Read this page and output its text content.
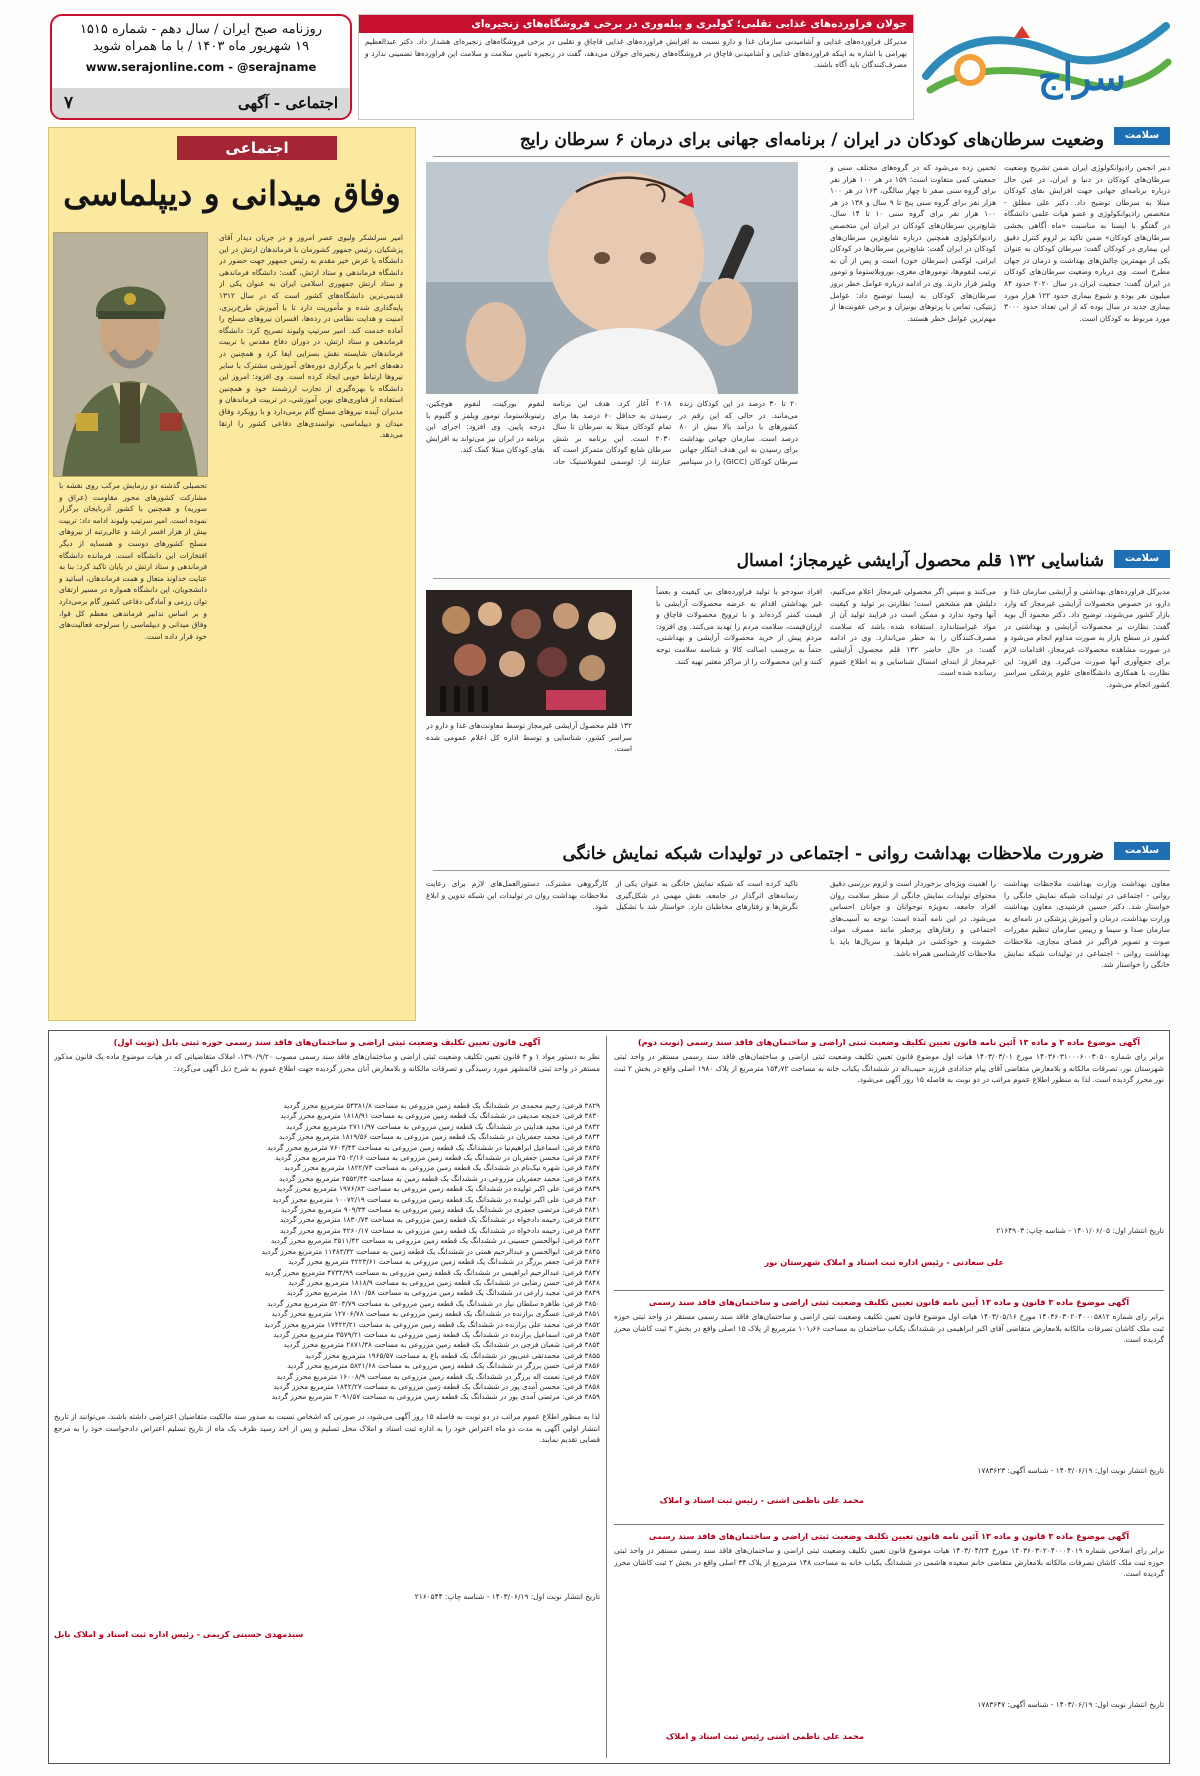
سراج
جولان فراورده‌های غذایی تقلبی؛ کولبری و پیلەوری در برخی فروشگاه‌های زنجیره‌ای
مدیرکل فراورده‌های غذایی و آشامیدنی سازمان غذا و دارو نسبت به افزایش فراورده‌های غذایی قاچاق و تقلبی در برخی فروشگاه‌های زنجیره‌ای هشدار داد. دکتر عبدالعظیم بهرامی با اشاره به اینکه فراورده‌های غذایی و آشامیدنی قاچاق در فروشگاه‌های زنجیره‌ای جولان می‌دهد، گفت در زنجیره تامین سلامت و سلامت این فراورده‌ها تضمینی ندارد و مصرف‌کنندگان باید آگاه باشند.
روزنامه صبح ایران / سال دهم - شماره ۱۵۱۵
۱۹ شهریور ماه ۱۴۰۳ / با ما همراه شوید
www.serajonline.com - @serajname
اجتماعی - آگهی
۷
اجتماعی
وفاق میدانی و دیپلماسی
امیر سرلشکر ولیوی عصر امروز و در جریان دیدار آقای پزشکیان، رئیس جمهور کشورمان با فرماندهان ارتش در این دانشگاه با عرض خیر مقدم به رئیس جمهور جهت حضور در دانشگاه فرماندهی و ستاد ارتش، گفت: دانشگاه فرماندهی و ستاد ارتش جمهوری اسلامی ایران به عنوان یکی از قدیمی‌ترین دانشگاه‌های کشور است که در سال ۱۳۱۲ پایه‌گذاری شده و مأموریت دارد تا با آموزش طرح‌ریزی، امنیت و هدایت نظامی در رده‌ها، افسران نیروهای مسلح را آماده خدمت کند. امیر سرتیپ ولیوند تصریح کرد: دانشگاه فرماندهی و ستاد ارتش، در دوران دفاع مقدس با تربیت فرماندهان شایسته نقش بسزایی ایفا کرد و همچنین در دهه‌های اخیر با برگزاری دوره‌های آموزشی مشترک با سایر نیروها ارتباط خوبی ایجاد کرده است. وی افزود: امروز این دانشگاه با بهره‌گیری از تجارب ارزشمند خود و همچنین استفاده از فناوری‌های نوین آموزشی، در تربیت فرماندهان و مدیران آینده نیروهای مسلح گام برمی‌دارد و با رویکرد وفاق میدان و دیپلماسی، توانمندی‌های دفاعی کشور را ارتقا می‌دهد.
تحصیلی گذشته دو رزمایش مرکب روی نقشه با مشارکت کشورهای محور مقاومت (عراق و سوریه) و همچنین با کشور آذربایجان برگزار نموده است. امیر سرتیپ ولیوند ادامه داد: تربیت بیش از هزار افسر ارشد و عالی‌رتبه از نیروهای مسلح کشورهای دوست و همسایه از دیگر افتخارات این دانشگاه است. فرمانده دانشگاه فرماندهی و ستاد ارتش در پایان تاکید کرد: بنا به عنایت خداوند متعال و همت فرماندهان، اساتید و دانشجویان، این دانشگاه همواره در مسیر ارتقای توان رزمی و آمادگی دفاعی کشور گام برمی‌دارد و بر اساس تدابیر فرماندهی معظم کل قوا، وفاق میدانی و دیپلماسی را سرلوحه فعالیت‌های خود قرار داده است.
سلامت
وضعیت سرطان‌های کودکان در ایران / برنامه‌ای جهانی برای درمان ۶ سرطان رایج
دبیر انجمن رادیوانکولوژی ایران ضمن تشریح وضعیت سرطان‌های کودکان در دنیا و ایران، در عین حال درباره برنامه‌ای جهانی جهت افزایش بقای کودکان مبتلا به سرطان توضیح داد. دکتر علی مطلق - متخصص رادیوانکولوژی و عضو هیات علمی دانشگاه در گفتگو با ایسنا به مناسبت «ماه آگاهی بخشی سرطان‌های کودکان» ضمن تاکید بر لزوم کنترل دقیق این بیماری در کودکان گفت: سرطان کودکان به عنوان یکی از مهمترین چالش‌های بهداشت و درمان در جهان مطرح است. وی درباره وضعیت سرطان‌های کودکان در ایران گفت: جمعیت ایران در سال ۲۰۲۰ حدود ۸۴ میلیون نفر بوده و شیوع بیماری حدود ۱۲۲ هزار مورد بیماری جدید در سال بوده که از این تعداد حدود ۳۰۰۰ مورد مربوط به کودکان است.
تخمین زده می‌شود که در گروه‌های مختلف سنی و جمعیتی کمی متفاوت است؛ ۱۵۹ در هر ۱۰۰ هزار نفر برای گروه سنی صفر تا چهار سالگی، ۱۶۳ در هر ۱۰۰ هزار نفر برای گروه سنی پنج تا ۹ سال و ۱۳۸ در هر ۱۰۰ هزار نفر برای گروه سنی ۱۰ تا ۱۴ سال. شایع‌ترین سرطان‌های کودکان در ایران این متخصص رادیوانکولوژی همچنین درباره شایع‌ترین سرطان‌های کودکان در ایران گفت: شایع‌ترین سرطان‌ها در کودکان ایرانی، لوکمی (سرطان خون) است و پس از آن به ترتیب لنفوم‌ها، تومورهای مغزی، نوروبلاستوما و تومور ویلمز قرار دارند. وی در ادامه درباره عوامل خطر بروز سرطان‌های کودکان به ایسنا توضیح داد: عوامل ژنتیکی، تماس با پرتوهای یونیزان و برخی عفونت‌ها از مهم‌ترین عوامل خطر هستند.
۲۰ تا ۳۰ درصد در این کودکان زنده می‌مانند. در حالی که این رقم در کشورهای با درآمد بالا بیش از ۸۰ درصد است. سازمان جهانی بهداشت برای رسیدن به این هدف ابتکار جهانی سرطان کودکان (GICC) را در سپتامبر ۲۰۱۸ آغاز کرد. هدف این برنامه رسیدن به حداقل ۶۰ درصد بقا برای تمام کودکان مبتلا به سرطان تا سال ۲۰۳۰ است. این برنامه بر شش سرطان شایع کودکان متمرکز است که عبارتند از: لوسمی لنفوبلاستیک حاد، لنفوم بورکیت، لنفوم هوچکین، رتینوبلاستوما، تومور ویلمز و گلیوم با درجه پایین. وی افزود: اجرای این برنامه در ایران نیز می‌تواند به افزایش بقای کودکان مبتلا کمک کند.
سلامت
شناسایی ۱۳۲ قلم محصول آرایشی غیرمجاز؛ امسال
مدیرکل فراورده‌های بهداشتی و آرایشی سازمان غذا و دارو، در خصوص محصولات آرایشی غیرمجاز که وارد بازار کشور می‌شوند، توضیح داد. دکتر محمود آل بویه گفت: نظارت بر محصولات آرایشی و بهداشتی در کشور در سطح بازار به صورت مداوم انجام می‌شود و در صورت مشاهده محصولات غیرمجاز، اقدامات لازم برای جمع‌آوری آنها صورت می‌گیرد. وی افزود: این نظارت با همکاری دانشگاه‌های علوم پزشکی سراسر کشور انجام می‌شود.
می‌کنند و سپس اگر محصولی غیرمجاز اعلام می‌کنیم، دلیلش هم مشخص است؛ نظارتی بر تولید و کیفیت آنها وجود ندارد و ممکن است در فرایند تولید آن از مواد غیراستاندارد استفاده شده باشد که سلامت مصرف‌کنندگان را به خطر می‌اندازد. وی در ادامه گفت: در حال حاضر ۱۳۲ قلم محصول آرایشی غیرمجاز از ابتدای امسال شناسایی و به اطلاع عموم رسانده شده است.
افراد سودجو با تولید فراورده‌های بی کیفیت و بعضاً غیر بهداشتی اقدام به عرضه محصولات آرایشی با قیمت کمتر کرده‌اند و با ترویج محصولات قاچاق و ارزان‌قیمت، سلامت مردم را تهدید می‌کنند. وی افزود: مردم پیش از خرید محصولات آرایشی و بهداشتی، حتماً به برچسب اصالت کالا و شناسه سلامت توجه کنند و این محصولات را از مراکز معتبر تهیه کنند.
۱۳۲ قلم محصول آرایشی غیرمجاز توسط معاونت‌های غذا و دارو در سراسر کشور، شناسایی و توسط اداره کل اعلام عمومی شده است.
سلامت
ضرورت ملاحظات بهداشت روانی - اجتماعی در تولیدات شبکه نمایش خانگی
معاون بهداشت وزارت بهداشت ملاحظات بهداشت روانی - اجتماعی در تولیدات شبکه نمایش خانگی را خواستار شد. دکتر حسین فرشیدی، معاون بهداشت وزارت بهداشت، درمان و آموزش پزشکی در نامه‌ای به سازمان صدا و سیما و رییس سازمان تنظیم مقررات صوت و تصویر فراگیر در فضای مجازی، ملاحظات بهداشت روانی - اجتماعی در تولیدات شبکه نمایش خانگی را خواستار شد.
را اهمیت ویژه‌ای برخوردار است و لزوم بررسی دقیق محتوای تولیدات نمایش خانگی از منظر سلامت روان افراد جامعه، به‌ویژه نوجوانان و جوانان احساس می‌شود. در این نامه آمده است: توجه به آسیب‌های اجتماعی و رفتارهای پرخطر مانند مصرف مواد، خشونت و خودکشی در فیلم‌ها و سریال‌ها باید با ملاحظات کارشناسی همراه باشد.
تاکید کرده است که شبکه نمایش خانگی به عنوان یکی از رسانه‌های اثرگذار در جامعه، نقش مهمی در شکل‌گیری نگرش‌ها و رفتارهای مخاطبان دارد. خواستار شد با تشکیل کارگروهی مشترک، دستورالعمل‌های لازم برای رعایت ملاحظات بهداشت روان در تولیدات این شبکه تدوین و ابلاغ شود.
آگهی موضوع ماده ۳ و ماده ۱۳ آئین نامه قانون تعیین تکلیف وضعیت ثبتی اراضی و ساختمان‌های فاقد سند رسمی (نوبت دوم)
برابر رای شماره ۱۴۰۳۶۰۳۱۰۰۰۶۰۰۳۰۵۰ مورخ ۱۴۰۳/۰۳/۰۱ هیات اول موضوع قانون تعیین تکلیف وضعیت ثبتی اراضی و ساختمان‌های فاقد سند رسمی مستقر در واحد ثبتی شهرستان نور، تصرفات مالکانه و بلامعارض متقاضی آقای پیام خدادادی فرزند حبیب‌اله در ششدانگ یکباب خانه به مساحت ۱۵۴٫۷۲ مترمربع از پلاک ۱۹۸۰ اصلی واقع در بخش ۲ ثبت نور محرز گردیده است. لذا به منظور اطلاع عموم مراتب در دو نوبت به فاصله ۱۵ روز آگهی می‌شود.
تاریخ انتشار اول: ۱۴۰۱/۰۶/۰۵ - شناسه چاپ: ۲۱۶۴۹۰۳
علی سعادتی - رئیس اداره ثبت اسناد و املاک شهرستان نور
آگهی موضوع ماده ۳ قانون و ماده ۱۳ آیین نامه قانون تعیین تکلیف وضعیت ثبتی اراضی و ساختمان‌های فاقد سند رسمی
برابر رای شماره ۱۴۰۳۶۰۳۰۲۰۴۰۰۰۵۸۱۲ مورخ ۱۴۰۳/۰۵/۱۶ هیات اول موضوع قانون تعیین تکلیف وضعیت ثبتی اراضی و ساختمان‌های فاقد سند رسمی مستقر در واحد ثبتی حوزه ثبت ملک کاشان تصرفات مالکانه بلامعارض متقاضی آقای اکبر ابراهیمی در ششدانگ یکباب ساختمان به مساحت ۱۰۱٫۶۶ مترمربع از پلاک ۱۵ اصلی واقع در بخش ۳ ثبت کاشان محرز گردیده است.
تاریخ انتشار نوبت اول: ۱۴۰۳/۰۶/۱۹ - شناسه آگهی: ۱۷۸۳۶۲۳
محمد علی ناظمی اشنی - رئیس ثبت اسناد و املاک
آگهی موضوع ماده ۳ قانون و ماده ۱۳ آئین نامه قانون تعیین تکلیف وضعیت ثبتی اراضی و ساختمان‌های فاقد سند رسمی
برابر رای اصلاحی شماره ۱۴۰۳۶۰۳۰۲۰۴۰۰۰۴۰۱۹ مورخ ۱۴۰۳/۰۴/۲۴ هیات موضوع قانون تعیین تکلیف وضعیت ثبتی اراضی و ساختمان‌های فاقد سند رسمی مستقر در واحد ثبتی حوزه ثبت ملک کاشان تصرفات مالکانه بلامعارض متقاضی خانم سعیده هاشمی در ششدانگ یکباب خانه به مساحت ۱۴۸ مترمربع از پلاک ۳۴ اصلی واقع در بخش ۲ ثبت کاشان محرز گردیده است.
تاریخ انتشار نوبت اول: ۱۴۰۳/۰۶/۱۹ - شناسه آگهی: ۱۷۸۳۶۴۷
محمد علی ناظمی اشنی رئیس ثبت اسناد و املاک
آگهی قانون تعیین تکلیف وضعیت ثبتی اراضی و ساختمان‌های فاقد سند رسمی حوزه ثبتی بابل (نوبت اول)
نظر به دستور مواد ۱ و ۳ قانون تعیین تکلیف وضعیت ثبتی اراضی و ساختمان‌های فاقد سند رسمی مصوب ۱۳۹۰/۹/۲۰، املاک متقاضیانی که در هیات موضوع ماده یک قانون مذکور مستقر در واحد ثبتی قائمشهر مورد رسیدگی و تصرفات مالکانه و بلامعارض آنان محرز گردیده جهت اطلاع عموم به شرح ذیل آگهی می‌گردد:
۳۸۲۹ فرعی: رحیم محمدی در ششدانگ یک قطعه زمین مزروعی به مساحت ۵۴۳۸۱/۸ مترمربع محرز گردید
۳۸۳۰ فرعی: خدیجه صدیقی در ششدانگ یک قطعه زمین مزروعی به مساحت ۱۸۱۸/۹۱ مترمربع محرز گردید
۳۸۳۲ فرعی: مجید هدایتی در ششدانگ یک قطعه زمین مزروعی به مساحت ۲۷۱۱/۹۷ مترمربع محرز گردید
۳۸۳۴ فرعی: محمد جعفریان در ششدانگ یک قطعه زمین مزروعی به مساحت ۱۸۱۹/۵۶ مترمربع محرز گردید
۳۸۳۵ فرعی: اسماعیل ابراهیم‌نیا در ششدانگ یک قطعه زمین مزروعی به مساحت ۷۶۰۴/۴۳ مترمربع محرز گردید
۳۸۳۶ فرعی: محسن جعفریان در ششدانگ یک قطعه زمین مزروعی به مساحت ۲۵۰۲/۱۶ مترمربع محرز گردید
۳۸۳۷ فرعی: شهره نیک‌نام در ششدانگ یک قطعه زمین مزروعی به مساحت ۱۸۲۲/۷۳ مترمربع محرز گردید
۳۸۳۸ فرعی: محمد جعفریان مزروعی در ششدانگ یک قطعه زمین به مساحت ۲۵۵۲/۴۳ مترمربع محرز گردید
۳۸۳۹ فرعی: علی اکبر تولیده در ششدانگ یک قطعه زمین مزروعی به مساحت ۱۹۷۶/۸۳ مترمربع محرز گردید
۳۸۴۰ فرعی: علی اکبر تولیده در ششدانگ یک قطعه زمین مزروعی به مساحت ۱۰۰۷۲/۱۹ مترمربع محرز گردید
۳۸۴۱ فرعی: مرتضی جعفری در ششدانگ یک قطعه زمین مزروعی به مساحت ۹۰۹/۳۴ مترمربع محرز گردید
۳۸۴۲ فرعی: رحیمه دادخواه در ششدانگ یک قطعه زمین مزروعی به مساحت ۱۸۳۰/۷۴ مترمربع محرز گردید
۳۸۴۳ فرعی: رحیمه دادخواه در ششدانگ یک قطعه زمین مزروعی به مساحت ۴۲۶۰/۱۷ مترمربع محرز گردید
۳۸۴۴ فرعی: ابوالحسن حسینی در ششدانگ یک قطعه زمین مزروعی به مساحت ۳۵۱۱/۴۲ مترمربع محرز گردید
۳۸۴۵ فرعی: ابوالحسن و عبدالرحیم همتی در ششدانگ یک قطعه زمین به مساحت ۱۱۴۸۳/۳۲ مترمربع محرز گردید
۳۸۴۶ فرعی: جعفر برزگر در ششدانگ یک قطعه زمین مزروعی به مساحت ۴۲۲۳/۶۱ مترمربع محرز گردید
۳۸۴۷ فرعی: عبدالرحیم ابراهیمی در ششدانگ یک قطعه زمین مزروعی به مساحت ۴۷۳۴/۹۹ مترمربع محرز گردید
۳۸۴۸ فرعی: حسن رضایی در ششدانگ یک قطعه زمین مزروعی به مساحت ۱۸۱۸/۹ مترمربع محرز گردید
۳۸۴۹ فرعی: مجید زارعی در ششدانگ یک قطعه زمین مزروعی به مساحت ۱۸۱۰/۵۸ مترمربع محرز گردید
۳۸۵۰ فرعی: طاهره سلطان نیاز در ششدانگ یک قطعه زمین مزروعی به مساحت ۵۲۰۳/۷۹ مترمربع محرز گردید
۳۸۵۱ فرعی: عسگری برازنده در ششدانگ یک قطعه زمین مزروعی به مساحت ۱۲۷۰۶/۷۸ مترمربع محرز گردید
۳۸۵۲ فرعی: محمد علی برازنده در ششدانگ یک قطعه زمین مزروعی به مساحت ۱۷۴۲۲/۲۱ مترمربع محرز گردید
۳۸۵۳ فرعی: اسماعیل برازنده در ششدانگ یک قطعه زمین مزروعی به مساحت ۳۵۷۹/۲۱ مترمربع محرز گردید
۳۸۵۴ فرعی: شعبان فرجی در ششدانگ یک قطعه زمین مزروعی به مساحت ۲۸۷۱/۳۸ مترمربع محرز گردید
۳۸۵۵ فرعی: محمدتقی غنی‌پور در ششدانگ یک قطعه باغ به مساحت ۱۹۶۵/۵۷ مترمربع محرز گردید
۳۸۵۶ فرعی: حسن برزگر در ششدانگ یک قطعه زمین مزروعی به مساحت ۵۸۲۱/۶۸ مترمربع محرز گردید
۳۸۵۷ فرعی: نعمت اله برزگر در ششدانگ یک قطعه زمین مزروعی به مساحت ۱۶۰۰۸/۹ مترمربع محرز گردید
۳۸۵۸ فرعی: محسن آمدی پور در ششدانگ یک قطعه زمین مزروعی به مساحت ۱۸۴۲/۲۷ مترمربع محرز گردید
۳۸۵۹ فرعی: مرتضی آمدی پور در ششدانگ یک قطعه زمین مزروعی به مساحت ۲۰۹۱/۵۷ مترمربع محرز گردید
لذا به منظور اطلاع عموم مراتب در دو نوبت به فاصله ۱۵ روز آگهی می‌شود، در صورتی که اشخاص نسبت به صدور سند مالکیت متقاضیان اعتراضی داشته باشند، می‌توانند از تاریخ انتشار اولین آگهی به مدت دو ماه اعتراض خود را به اداره ثبت اسناد و املاک محل تسلیم و پس از اخذ رسید ظرف یک ماه از تاریخ تسلیم اعتراض دادخواست خود را به مرجع قضایی تقدیم نمایند.
تاریخ انتشار نوبت اول: ۱۴۰۳/۰۶/۱۹ - شناسه چاپ: ۲۱۶۰۵۴۴
سیدمهدی حسینی کریمی - رئیس اداره ثبت اسناد و املاک بابل
